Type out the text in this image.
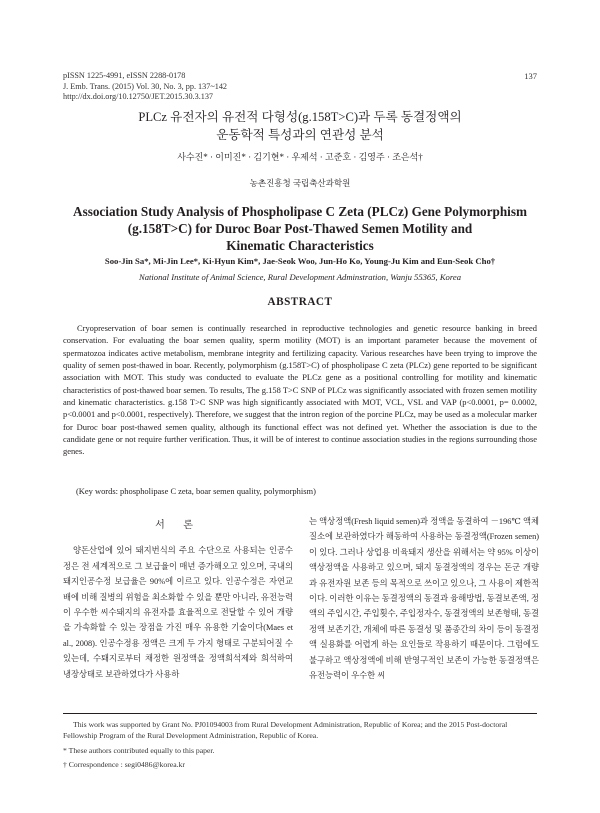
pISSN 1225-4991, eISSN 2288-0178
J. Emb. Trans. (2015) Vol. 30, No. 3, pp. 137~142
http://dx.doi.org/10.12750/JET.2015.30.3.137
137
PLCz 유전자의 유전적 다형성(g.158T>C)과 두록 동결정액의
운동학적 특성과의 연관성 분석
사수진* · 이미진* · 김기현* · 우제석 · 고준호 · 김영주 · 조은석†
농촌진흥청 국립축산과학원
Association Study Analysis of Phospholipase C Zeta (PLCz) Gene Polymorphism
(g.158T>C) for Duroc Boar Post-Thawed Semen Motility and
Kinematic Characteristics
Soo-Jin Sa*, Mi-Jin Lee*, Ki-Hyun Kim*, Jae-Seok Woo, Jun-Ho Ko, Young-Ju Kim and Eun-Seok Cho†
National Institute of Animal Science, Rural Development Adminstration, Wanju 55365, Korea
ABSTRACT

Cryopreservation of boar semen is continually researched in reproductive technologies and genetic resource banking in breed conservation. For evaluating the boar semen quality, sperm motility (MOT) is an important parameter because the movement of spermatozoa indicates active metabolism, membrane integrity and fertilizing capacity. Various researches have been trying to improve the quality of semen post-thawed in boar. Recently, polymorphism (g.158T>C) of phospholipase C zeta (PLCz) gene reported to be significant association with MOT. This study was conducted to evaluate the PLCz gene as a positional controlling for motility and kinematic characteristics of post-thawed boar semen. To results, The g.158 T>C SNP of PLCz was significantly associated with frozen semen motility and kinematic characteristics. g.158 T>C SNP was high significantly associated with MOT, VCL, VSL and VAP (p<0.0001, p= 0.0002, p<0.0001 and p<0.0001, respectively). Therefore, we suggest that the intron region of the porcine PLCz, may be used as a molecular marker for Duroc boar post-thawed semen quality, although its functional effect was not defined yet. Whether the association is due to the candidate gene or not require further verification. Thus, it will be of interest to continue association studies in the regions surrounding those genes.

(Key words: phospholipase C zeta, boar semen quality, polymorphism)
서 론

양돈산업에 있어 돼지번식의 주요 수단으로 사용되는 인공수정은 전 세계적으로 그 보급율이 매년 증가해오고 있으며, 국내의 돼지인공수정 보급율은 90%에 이르고 있다. 인공수정은 자연교배에 비해 질병의 위험을 최소화할 수 있을 뿐만 아니라, 유전능력이 우수한 씨수돼지의 유전자를 효율적으로 전달할 수 있어 개량을 가속화할 수 있는 장점을 가진 매우 유용한 기술이다(Maes et al., 2008). 인공수정용 정액은 크게 두 가지 형태로 구분되어질 수 있는데, 수퇘지로부터 채정한 원정액을 정액희석제와 희석하여 냉장상태로 보관하였다가 사용하

는 액상정액(Fresh liquid semen)과 정액을 동결하여 －196℃ 액체질소에 보관하였다가 해동하여 사용하는 동결정액(Frozen semen)이 있다. 그러나 상업용 비육돼지 생산을 위해서는 약 95% 이상이 액상정액을 사용하고 있으며, 돼지 동결정액의 경우는 돈군 개량과 유전자원 보존 등의 목적으로 쓰이고 있으나, 그 사용이 제한적이다. 이러한 이유는 동결정액의 동결과 융해방법, 동결보존액, 정액의 주입시간, 주입횟수, 주입정자수, 동결정액의 보존형태, 동결정액 보존기간, 개체에 따른 동결성 및 품종간의 차이 등이 동결정액 실용화를 어렵게 하는 요인들로 작용하기 때문이다. 그럼에도 불구하고 액상정액에 비해 반영구적인 보존이 가능한 동결정액은 유전능력이 우수한 씨

This work was supported by Grant No. PJ01094003 from Rural Development Administration, Republic of Korea; and the 2015 Post-doctoral Fellowship Program of the Rural Development Administration, Republic of Korea.
* These authors contributed equally to this paper.
† Correspondence : segi0486@korea.kr
